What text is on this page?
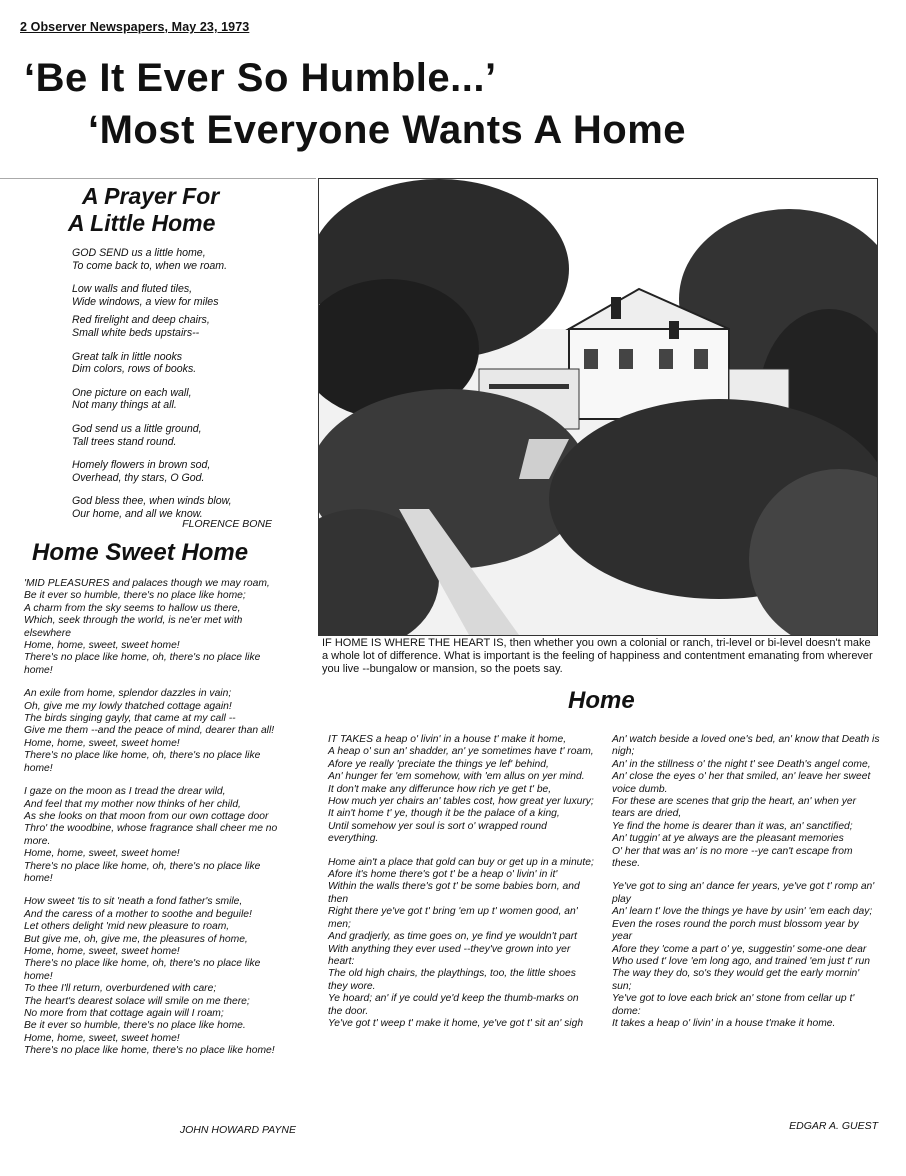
2 Observer Newspapers, May 23, 1973
‘Be It Ever So Humble...’
‘Most Everyone Wants A Home
A Prayer For
A Little Home

GOD SEND us a little home,
To come back to, when we roam.

Low walls and fluted tiles,
Wide windows, a view for miles

Red firelight and deep chairs,
Small white beds upstairs--

Great talk in little nooks
Dim colors, rows of books.

One picture on each wall,
Not many things at all.

God send us a little ground,
Tall trees stand round.

Homely flowers in brown sod,
Overhead, thy stars, O God.

God bless thee, when winds blow,
Our home, and all we know.

FLORENCE BONE
Home Sweet Home

'MID PLEASURES and palaces though we may roam,
Be it ever so humble, there's no place like home;
A charm from the sky seems to hallow us there,
Which, seek through the world, is ne'er met with elsewhere
Home, home, sweet, sweet home!
There's no place like home, oh, there's no place like home!

An exile from home, splendor dazzles in vain;
Oh, give me my lowly thatched cottage again!
The birds singing gayly, that came at my call --
Give me them --and the peace of mind, dearer than all!
Home, home, sweet, sweet home!
There's no place like home, oh, there's no place like home!

I gaze on the moon as I tread the drear wild,
And feel that my mother now thinks of her child,
As she looks on that moon from our own cottage door
Thro' the woodbine, whose fragrance shall cheer me no more.
Home, home, sweet, sweet home!
There's no place like home, oh, there's no place like home!

How sweet 'tis to sit 'neath a fond father's smile,
And the caress of a mother to soothe and beguile!
Let others delight 'mid new pleasure to roam,
But give me, oh, give me, the pleasures of home,
Home, home, sweet, sweet home!
There's no place like home, oh, there's no place like home!
To thee I'll return, overburdened with care;
The heart's dearest solace will smile on me there;
No more from that cottage again will I roam;
Be it ever so humble, there's no place like home.
Home, home, sweet, sweet home!
There's no place like home, there's no place like home!

JOHN HOWARD PAYNE
IF HOME IS WHERE THE HEART IS, then whether you own a colonial or ranch, tri-level or bi-level doesn't make a whole lot of difference. What is important is the feeling of happiness and contentment emanating from wherever you live --bungalow or mansion, so the poets say.
Home

IT TAKES a heap o' livin' in a house t' make it home,
A heap o' sun an' shadder, an' ye sometimes have t' roam,
Afore ye really 'preciate the things ye lef' behind,
An' hunger fer 'em somehow, with 'em allus on yer mind.
It don't make any differunce how rich ye get t' be,
How much yer chairs an' tables cost, how great yer luxury;
It ain't home t' ye, though it be the palace of a king,
Until somehow yer soul is sort o' wrapped round everything.

Home ain't a place that gold can buy or get up in a minute;
Afore it's home there's got t' be a heap o' livin' in it'
Within the walls there's got t' be some babies born, and then
Right there ye've got t' bring 'em up t' women good, an' men;
And gradjerly, as time goes on, ye find ye wouldn't part
With anything they ever used --they've grown into yer heart:
The old high chairs, the playthings, too, the little shoes they wore.
Ye hoard; an' if ye could ye'd keep the thumb-marks on the door.
Ye've got t' weep t' make it home, ye've got t' sit an' sigh

An' watch beside a loved one's bed, an' know that Death is nigh;
An' in the stillness o' the night t' see Death's angel come,
An' close the eyes o' her that smiled, an' leave her sweet voice dumb.
For these are scenes that grip the heart, an' when yer tears are dried,
Ye find the home is dearer than it was, an' sanctified;
An' tuggin' at ye always are the pleasant memories
O' her that was an' is no more --ye can't escape from these.

Ye've got to sing an' dance fer years, ye've got t' romp an' play
An' learn t' love the things ye have by usin' 'em each day;
Even the roses round the porch must blossom year by year
Afore they 'come a part o' ye, suggestin' some-one dear
Who used t' love 'em long ago, and trained 'em just t' run
The way they do, so's they would get the early mornin' sun;
Ye've got to love each brick an' stone from cellar up t' dome:
It takes a heap o' livin' in a house t'make it home.

EDGAR A. GUEST
